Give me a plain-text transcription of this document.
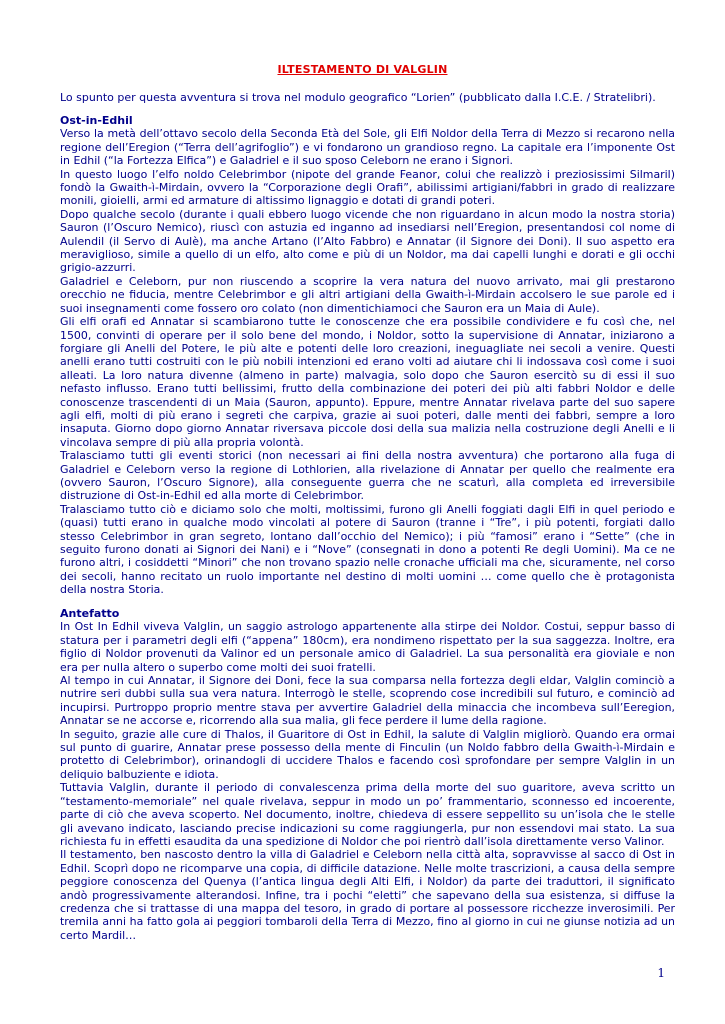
ILTESTAMENTO DI VALGLIN
Lo spunto per questa avventura si trova nel modulo geografico “Lorien” (pubblicato dalla I.C.E. / Stratelibri).

Ost-in-Edhil

Verso la metà dell’ottavo secolo della Seconda Età del Sole, gli Elfi Noldor della Terra di Mezzo si recarono nella regione dell’Eregion (“Terra dell’agrifoglio”) e vi fondarono un grandioso regno. La capitale era l’imponente Ost in Edhil (“la Fortezza Elfica”) e Galadriel e il suo sposo Celeborn ne erano i Signori.

In questo luogo l’elfo noldo Celebrimbor (nipote del grande Feanor, colui che realizzò i preziosissimi Silmaril) fondò la Gwaith-ì-Mirdain, ovvero la “Corporazione degli Orafi”, abilissimi artigiani/fabbri in grado di realizzare monili, gioielli, armi ed armature di altissimo lignaggio e dotati di grandi poteri.

Dopo qualche secolo (durante i quali ebbero luogo vicende che non riguardano in alcun modo la nostra storia) Sauron (l’Oscuro Nemico), riuscì con astuzia ed inganno ad insediarsi nell’Eregion, presentandosi col nome di Aulendil (il Servo di Aulè), ma anche Artano (l’Alto Fabbro) e Annatar (il Signore dei Doni). Il suo aspetto era meraviglioso, simile a quello di un elfo, alto come e più di un Noldor, ma dai capelli lunghi e dorati e gli occhi grigio-azzurri.

Galadriel e Celeborn, pur non riuscendo a scoprire la vera natura del nuovo arrivato, mai gli prestarono orecchio ne fiducia, mentre Celebrimbor e gli altri artigiani della Gwaith-ì-Mirdain accolsero le sue parole ed i suoi insegnamenti come fossero oro colato (non dimentichiamoci che Sauron era un Maia di Aule).

Gli elfi orafi ed Annatar si scambiarono tutte le conoscenze che era possibile condividere e fu così che, nel 1500, convinti di operare per il solo bene del mondo, i Noldor, sotto la supervisione di Annatar, iniziarono a forgiare gli Anelli del Potere, le più alte e potenti delle loro creazioni, ineguagliate nei secoli a venire. Questi anelli erano tutti costruiti con le più nobili intenzioni ed erano volti ad aiutare chi li indossava così come i suoi alleati. La loro natura divenne (almeno in parte) malvagia, solo dopo che Sauron esercitò su di essi il suo nefasto influsso. Erano tutti bellissimi, frutto della combinazione dei poteri dei più alti fabbri Noldor e delle conoscenze trascendenti di un Maia (Sauron, appunto). Eppure, mentre Annatar rivelava parte del suo sapere agli elfi, molti di più erano i segreti che carpiva, grazie ai suoi poteri, dalle menti dei fabbri, sempre a loro insaputa. Giorno dopo giorno Annatar riversava piccole dosi della sua malizia nella costruzione degli Anelli e li vincolava sempre di più alla propria volontà.

Tralasciamo tutti gli eventi storici (non necessari ai fini della nostra avventura) che portarono alla fuga di Galadriel e Celeborn verso la regione di Lothlorien, alla rivelazione di Annatar per quello che realmente era (ovvero Sauron, l’Oscuro Signore), alla conseguente guerra che ne scaturì, alla completa ed irreversibile distruzione di Ost-in-Edhil ed alla morte di Celebrimbor.

Tralasciamo tutto ciò e diciamo solo che molti, moltissimi, furono gli Anelli foggiati dagli Elfi in quel periodo e (quasi) tutti erano in qualche modo vincolati al potere di Sauron (tranne i “Tre”, i più potenti, forgiati dallo stesso Celebrimbor in gran segreto, lontano dall’occhio del Nemico); i più “famosi” erano i “Sette” (che in seguito furono donati ai Signori dei Nani) e i “Nove” (consegnati in dono a potenti Re degli Uomini). Ma ce ne furono altri, i cosiddetti “Minori” che non trovano spazio nelle cronache ufficiali ma che, sicuramente, nel corso dei secoli, hanno recitato un ruolo importante nel destino di molti uomini … come quello che è protagonista della nostra Storia.

Antefatto

In Ost In Edhil viveva Valglin, un saggio astrologo appartenente alla stirpe dei Noldor. Costui, seppur basso di statura per i parametri degli elfi (“appena” 180cm), era nondimeno rispettato per la sua saggezza. Inoltre, era figlio di Noldor provenuti da Valinor ed un personale amico di Galadriel. La sua personalità era gioviale e non era per nulla altero o superbo come molti dei suoi fratelli.

Al tempo in cui Annatar, il Signore dei Doni, fece la sua comparsa nella fortezza degli eldar, Valglin cominciò a nutrire seri dubbi sulla sua vera natura. Interrogò le stelle, scoprendo cose incredibili sul futuro, e cominciò ad incupirsi. Purtroppo proprio mentre stava per avvertire Galadriel della minaccia che incombeva sull’Eeregion, Annatar se ne accorse e, ricorrendo alla sua malia, gli fece perdere il lume della ragione.

In seguito, grazie alle cure di Thalos, il Guaritore di Ost in Edhil, la salute di Valglin migliorò. Quando era ormai sul punto di guarire, Annatar prese possesso della mente di Finculin (un Noldo fabbro della Gwaith-ì-Mirdain e protetto di Celebrimbor), orinandogli di uccidere Thalos e facendo così sprofondare per sempre Valglin in un deliquio balbuziente e idiota.

Tuttavia Valglin, durante il periodo di convalescenza prima della morte del suo guaritore, aveva scritto un “testamento-memoriale” nel quale rivelava, seppur in modo un po’ frammentario, sconnesso ed incoerente, parte di ciò che aveva scoperto. Nel documento, inoltre, chiedeva di essere seppellito su un’isola che le stelle gli avevano indicato, lasciando precise indicazioni su come raggiungerla, pur non essendovi mai stato. La sua richiesta fu in effetti esaudita da una spedizione di Noldor che poi rientrò dall’isola direttamente verso Valinor.

Il testamento, ben nascosto dentro la villa di Galadriel e Celeborn nella città alta, sopravvisse al sacco di Ost in Edhil. Scoprì dopo ne ricomparve una copia, di difficile datazione. Nelle molte trascrizioni, a causa della sempre peggiore conoscenza del Quenya (l’antica lingua degli Alti Elfi, i Noldor) da parte dei traduttori, il significato andò progressivamente alterandosi. Infine, tra i pochi “eletti” che sapevano della sua esistenza, si diffuse la credenza che si trattasse di una mappa del tesoro, in grado di portare al possessore ricchezze inverosimili. Per tremila anni ha fatto gola ai peggiori tombaroli della Terra di Mezzo, fino al giorno in cui ne giunse notizia ad un certo Mardil…

1
